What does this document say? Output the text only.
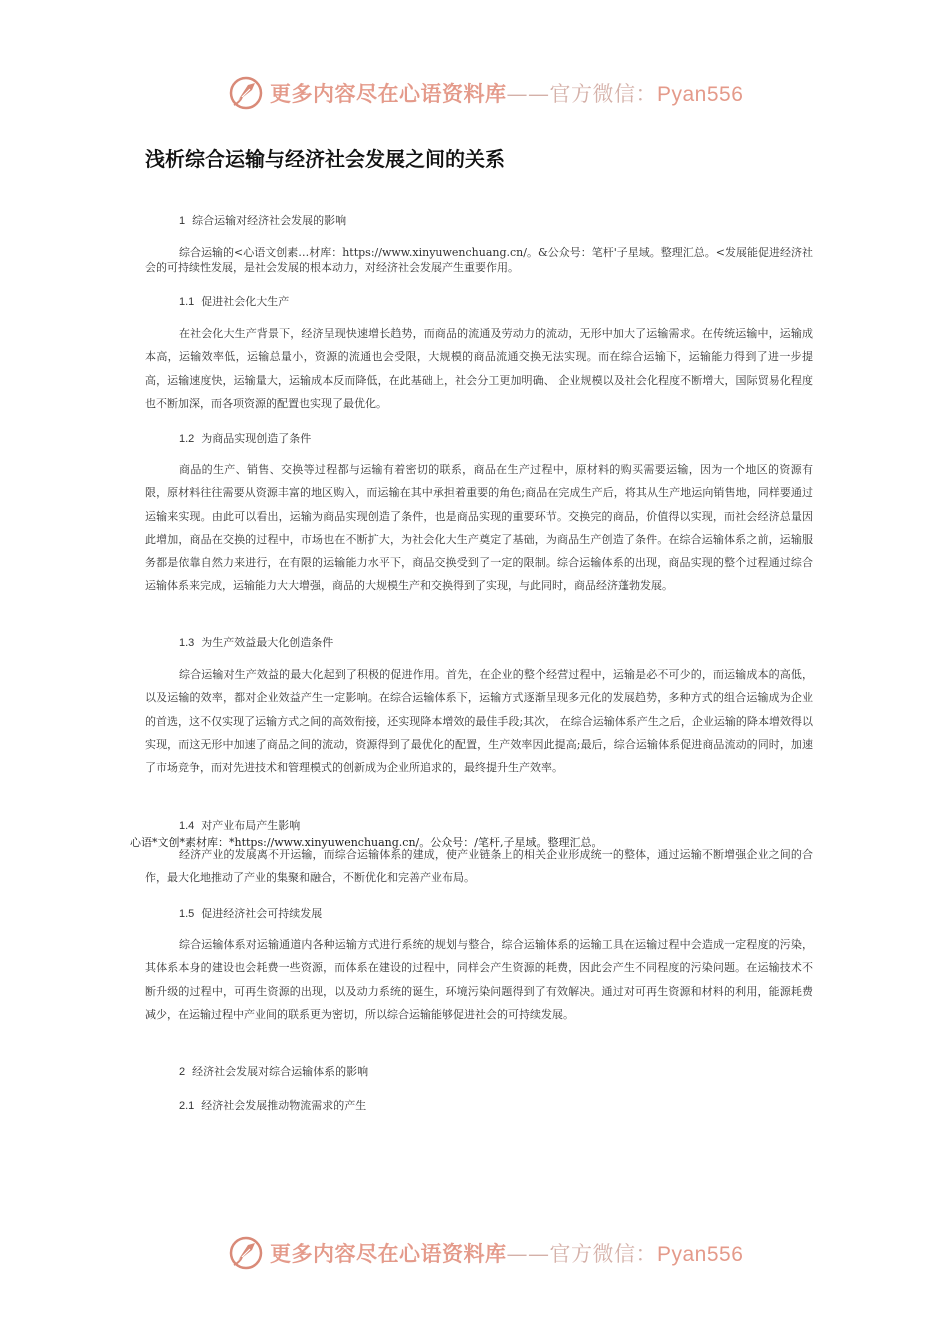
更多内容尽在心语资料库——官方微信：Pyan556
浅析综合运输与经济社会发展之间的关系
1 综合运输对经济社会发展的影响

综合运输的<心语文创素…材库：https://www.xinyuwenchuang.cn/。&公众号：笔杆'子星域。整理汇总。<发展能促进经济社会的可持续性发展，是社会发展的根本动力，对经济社会发展产生重要作用。

1.1 促进社会化大生产

在社会化大生产背景下，经济呈现快速增长趋势，而商品的流通及劳动力的流动，无形中加大了运输需求。在传统运输中，运输成本高，运输效率低，运输总量小，资源的流通也会受限，大规模的商品流通交换无法实现。而在综合运输下，运输能力得到了进一步提高，运输速度快，运输量大，运输成本反而降低，在此基础上，社会分工更加明确、 企业规模以及社会化程度不断增大，国际贸易化程度也不断加深，而各项资源的配置也实现了最优化。

1.2 为商品实现创造了条件

商品的生产、销售、交换等过程都与运输有着密切的联系，商品在生产过程中，原材料的购买需要运输，因为一个地区的资源有限，原材料往往需要从资源丰富的地区购入，而运输在其中承担着重要的角色;商品在完成生产后，将其从生产地运向销售地，同样要通过运输来实现。由此可以看出，运输为商品实现创造了条件，也是商品实现的重要环节。交换完的商品，价值得以实现，而社会经济总量因此增加，商品在交换的过程中，市场也在不断扩大，为社会化大生产奠定了基础，为商品生产创造了条件。在综合运输体系之前，运输服务都是依靠自然力来进行，在有限的运输能力水平下，商品交换受到了一定的限制。综合运输体系的出现，商品实现的整个过程通过综合运输体系来完成，运输能力大大增强，商品的大规模生产和交换得到了实现，与此同时，商品经济蓬勃发展。

1.3 为生产效益最大化创造条件

综合运输对生产效益的最大化起到了积极的促进作用。首先，在企业的整个经营过程中，运输是必不可少的，而运输成本的高低，以及运输的效率，都对企业效益产生一定影响。在综合运输体系下，运输方式逐渐呈现多元化的发展趋势，多种方式的组合运输成为企业的首选，这不仅实现了运输方式之间的高效衔接，还实现降本增效的最佳手段;其次， 在综合运输体系产生之后，企业运输的降本增效得以实现，而这无形中加速了商品之间的流动，资源得到了最优化的配置，生产效率因此提高;最后，综合运输体系促进商品流动的同时，加速了市场竞争，而对先进技术和管理模式的创新成为企业所追求的，最终提升生产效率。

1.4 对产业布局产生影响
心语*文创*素材库：*https://www.xinyuwenchuang.cn/。公众号：/笔杆,子星域。整理汇总。

经济产业的发展离不开运输，而综合运输体系的建成，使产业链条上的相关企业形成统一的整体，通过运输不断增强企业之间的合作，最大化地推动了产业的集聚和融合，不断优化和完善产业布局。

1.5 促进经济社会可持续发展

综合运输体系对运输通道内各种运输方式进行系统的规划与整合，综合运输体系的运输工具在运输过程中会造成一定程度的污染，其体系本身的建设也会耗费一些资源，而体系在建设的过程中，同样会产生资源的耗费，因此会产生不同程度的污染问题。在运输技术不断升级的过程中，可再生资源的出现，以及动力系统的诞生，环境污染问题得到了有效解决。通过对可再生资源和材料的利用，能源耗费减少，在运输过程中产业间的联系更为密切，所以综合运输能够促进社会的可持续发展。

2 经济社会发展对综合运输体系的影响
2.1 经济社会发展推动物流需求的产生
更多内容尽在心语资料库——官方微信：Pyan556
